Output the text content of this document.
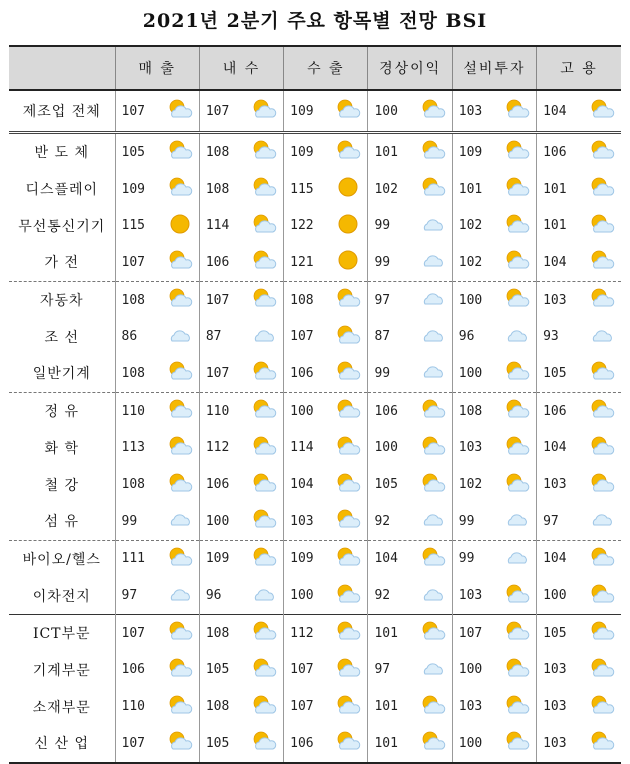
2021년 2분기 주요 항목별 전망 BSI
	매 출	내 수	수 출	경상이익	설비투자	고 용
제조업 전체	107	107	109	100	103	104

반 도 체	105	108	109	101	109	106

디스플레이	109	108	115	102	101	101

무선통신기기	115	114	122	99	102	101

가 전	107	106	121	99	102	104

자동차	108	107	108	97	100	103

조 선	86	87	107	87	96	93

일반기계	108	107	106	99	100	105

정 유	110	110	100	106	108	106

화 학	113	112	114	100	103	104

철 강	108	106	104	105	102	103

섬 유	99	100	103	92	99	97

바이오/헬스	111	109	109	104	99	104

이차전지	97	96	100	92	103	100

ICT부문	107	108	112	101	107	105

기계부문	106	105	107	97	100	103

소재부문	110	108	107	101	103	103

신 산 업	107	105	106	101	100	103
